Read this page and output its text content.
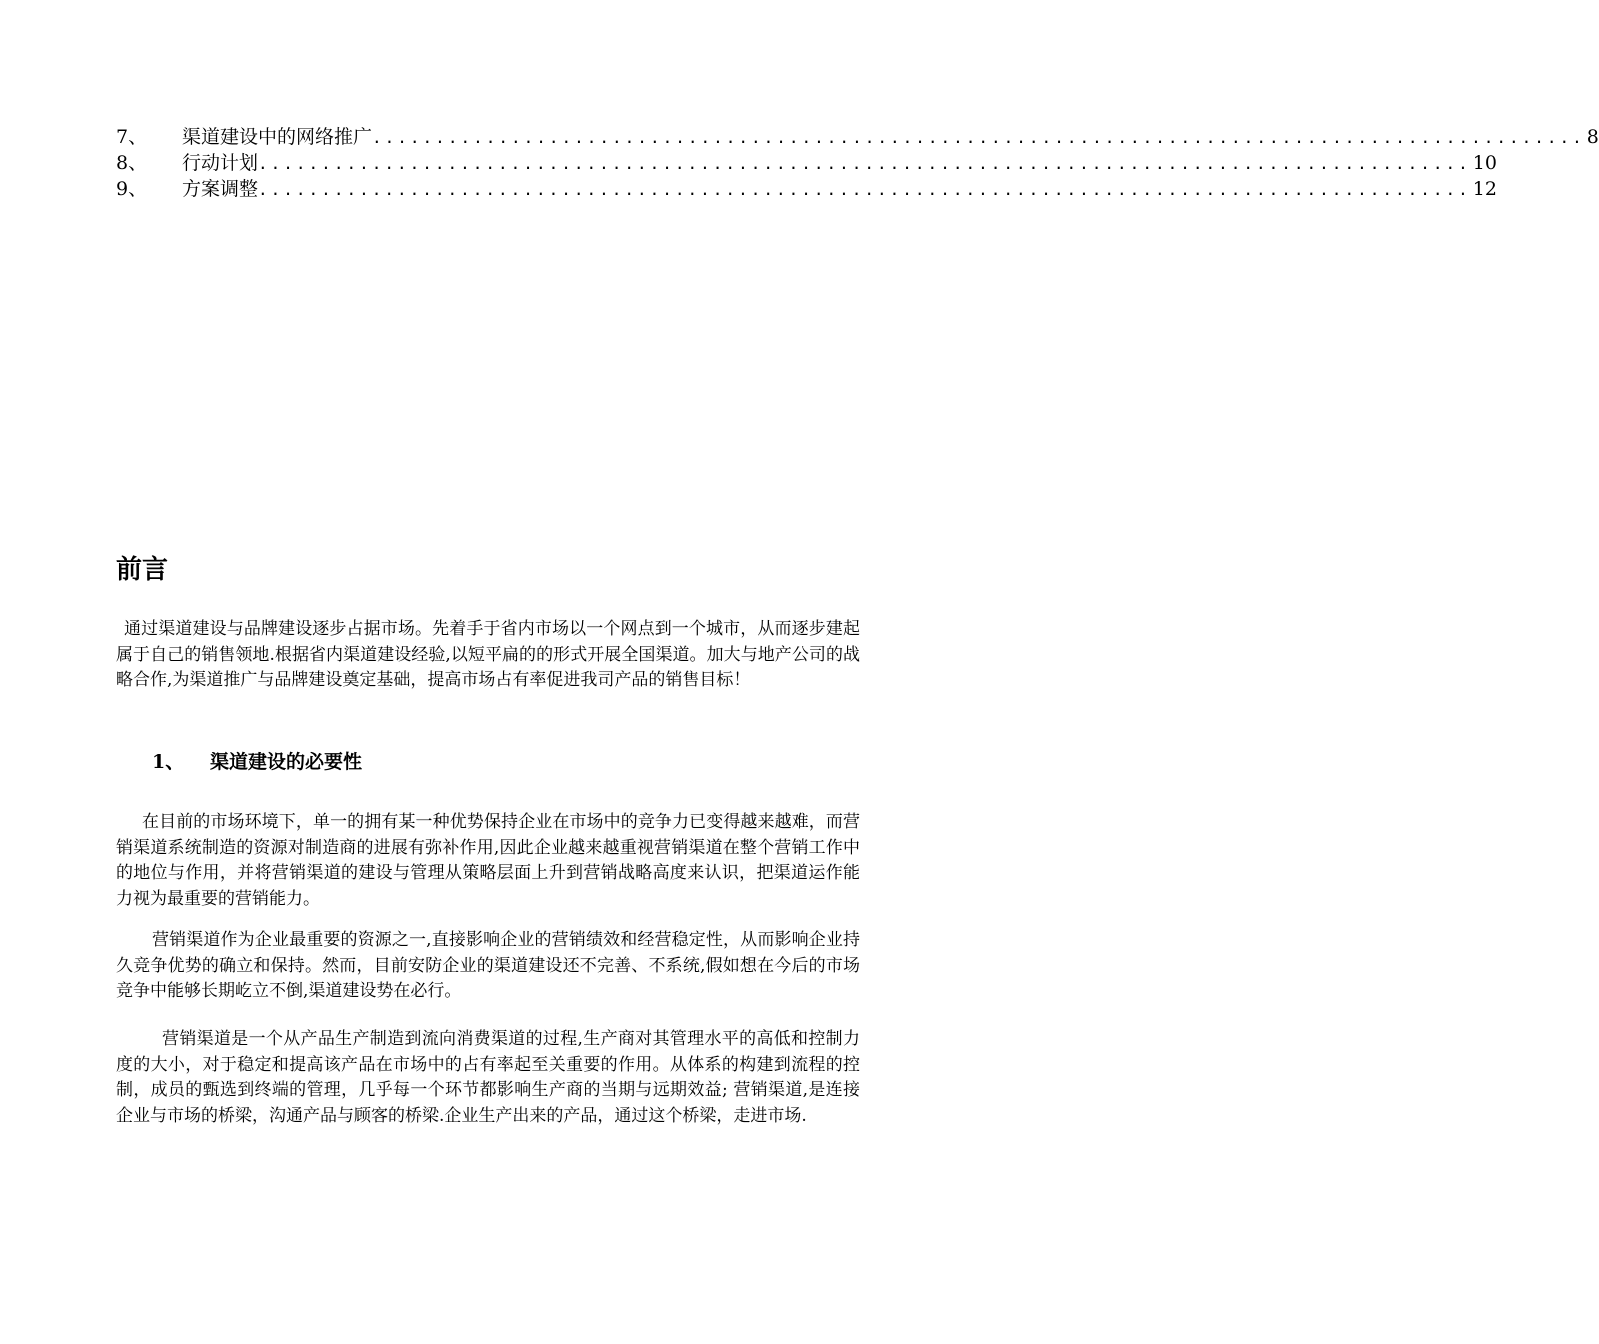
7、	渠道建设中的网络推广 ................................................................................................ 8
8、	行动计划 ................................................................................................ 10
9、	方案调整 ................................................................................................ 12
前言

通过渠道建设与品牌建设逐步占据市场。先着手于省内市场以一个网点到一个城市，从而逐步建起属于自己的销售领地.根据省内渠道建设经验,以短平扁的的形式开展全国渠道。加大与地产公司的战略合作,为渠道推广与品牌建设奠定基础，提高市场占有率促进我司产品的销售目标！

1、	渠道建设的必要性

在目前的市场环境下，单一的拥有某一种优势保持企业在市场中的竞争力已变得越来越难，而营销渠道系统制造的资源对制造商的进展有弥补作用,因此企业越来越重视营销渠道在整个营销工作中的地位与作用，并将营销渠道的建设与管理从策略层面上升到营销战略高度来认识，把渠道运作能力视为最重要的营销能力。

营销渠道作为企业最重要的资源之一,直接影响企业的营销绩效和经营稳定性，从而影响企业持久竞争优势的确立和保持。然而，目前安防企业的渠道建设还不完善、不系统,假如想在今后的市场竞争中能够长期屹立不倒,渠道建设势在必行。

营销渠道是一个从产品生产制造到流向消费渠道的过程,生产商对其管理水平的高低和控制力度的大小，对于稳定和提高该产品在市场中的占有率起至关重要的作用。从体系的构建到流程的控制，成员的甄选到终端的管理，几乎每一个环节都影响生产商的当期与远期效益; 营销渠道,是连接企业与市场的桥梁，沟通产品与顾客的桥梁.企业生产出来的产品，通过这个桥梁，走进市场.
